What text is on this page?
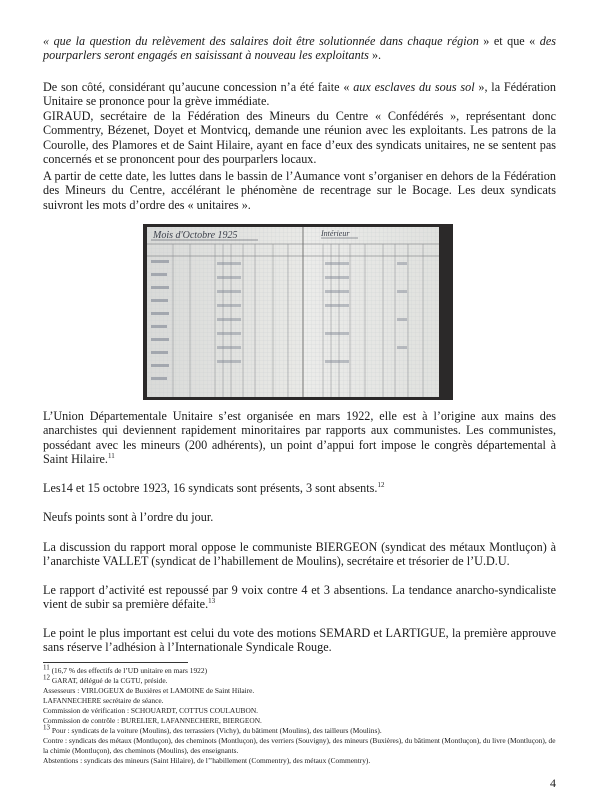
« que la question du relèvement des salaires doit être solutionnée dans chaque région » et que « des pourparlers seront engagés en saisissant à nouveau les exploitants ».

De son côté, considérant qu’aucune concession n’a été faite « aux esclaves du sous sol », la Fédération Unitaire se prononce pour la grève immédiate.

GIRAUD, secrétaire de la Fédération des Mineurs du Centre « Confédérés », représentant donc Commentry, Bézenet, Doyet et Montvicq, demande une réunion avec les exploitants. Les patrons de la Courolle, des Plamores et de Saint Hilaire, ayant en face d’eux des syndicats unitaires, ne se sentent pas concernés et se prononcent pour des pourparlers locaux.

A partir de cette date, les luttes dans le bassin de l’Aumance vont s’organiser en dehors de la Fédération des Mineurs du Centre, accélérant le phénomène de recentrage sur le Bocage. Les deux syndicats suivront les mots d’ordre des « unitaires ».

Mois d'Octobre 1925	Intérieur

L’Union Départementale Unitaire s’est organisée en mars 1922, elle est à l’origine aux mains des anarchistes qui deviennent rapidement minoritaires par rapports aux communistes. Les communistes, possédant avec les mineurs (200 adhérents), un point d’appui fort impose le congrès départemental à Saint Hilaire.$^{11}$

Les14 et 15 octobre 1923, 16 syndicats sont présents, 3 sont absents.$^{12}$

Neufs points sont à l’ordre du jour.

La discussion du rapport moral oppose le communiste BIERGEON (syndicat des métaux Montluçon) à l’anarchiste VALLET (syndicat de l’habillement de Moulins), secrétaire et trésorier de l’U.D.U.

Le rapport d’activité est repoussé par 9 voix contre 4 et 3 absentions. La tendance anarcho-syndicaliste vient de subir sa première défaite.$^{13}$

Le point le plus important est celui du vote des motions SEMARD et LARTIGUE, la première approuve sans réserve l’adhésion à l’Internationale Syndicale Rouge.

$^{11}$ (16,7 % des effectifs de l’UD unitaire en mars 1922)

$^{12}$ GARAT, délégué de la CGTU, préside.

Assesseurs : VIRLOGEUX de Buxières et LAMOINE de Saint Hilaire.

LAFANNECHERE secrétaire de séance.

Commission de vérification : SCHOUARDT, COTTUS COULAUBON.

Commission de contrôle : BURELIER, LAFANNECHERE, BIERGEON.

$^{13}$ Pour : syndicats de la voiture (Moulins), des terrassiers (Vichy), du bâtiment (Moulins), des tailleurs (Moulins).

Contre : syndicats des métaux (Montluçon), des cheminots (Montluçon), des verriers (Souvigny), des mineurs (Buxières), du bâtiment (Montluçon), du livre (Montluçon), de la chimie (Montluçon), des cheminots (Moulins), des enseignants.

Abstentions : syndicats des mineurs (Saint Hilaire), de l’’habillement (Commentry), des métaux (Commentry).

4
